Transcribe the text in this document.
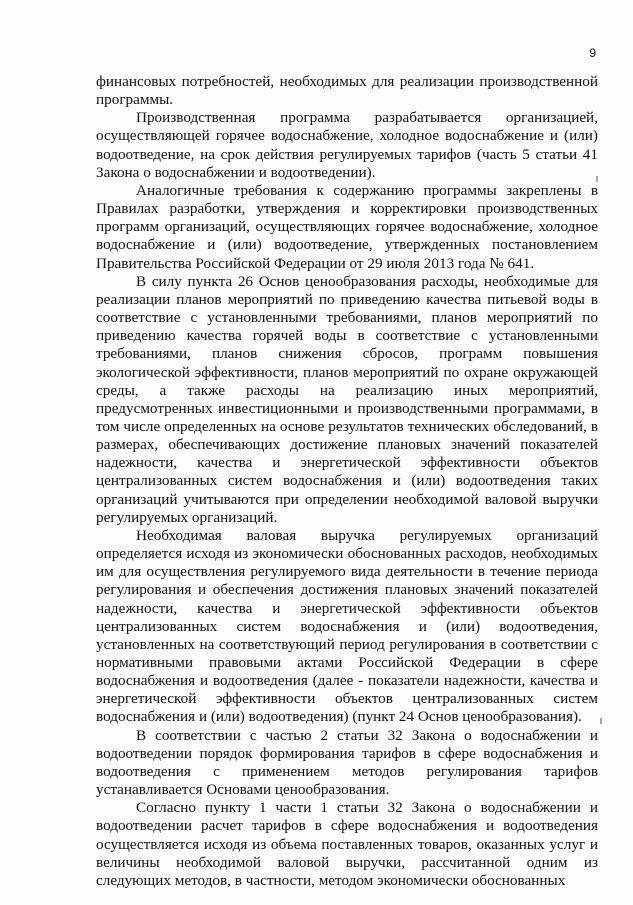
9

финансовых потребностей, необходимых для реализации производственной программы.

Производственная программа разрабатывается организацией, осуществляющей горячее водоснабжение, холодное водоснабжение и (или) водоотведение, на срок действия регулируемых тарифов (часть 5 статьи 41 Закона о водоснабжении и водоотведении).

Аналогичные требования к содержанию программы закреплены в Правилах разработки, утверждения и корректировки производственных программ организаций, осуществляющих горячее водоснабжение, холодное водоснабжение и (или) водоотведение, утвержденных постановлением Правительства Российской Федерации от 29 июля 2013 года № 641.

В силу пункта 26 Основ ценообразования расходы, необходимые для реализации планов мероприятий по приведению качества питьевой воды в соответствие с установленными требованиями, планов мероприятий по приведению качества горячей воды в соответствие с установленными требованиями, планов снижения сбросов, программ повышения экологической эффективности, планов мероприятий по охране окружающей среды, а также расходы на реализацию иных мероприятий, предусмотренных инвестиционными и производственными программами, в том числе определенных на основе результатов технических обследований, в размерах, обеспечивающих достижение плановых значений показателей надежности, качества и энергетической эффективности объектов централизованных систем водоснабжения и (или) водоотведения таких организаций учитываются при определении необходимой валовой выручки регулируемых организаций.

Необходимая валовая выручка регулируемых организаций определяется исходя из экономически обоснованных расходов, необходимых им для осуществления регулируемого вида деятельности в течение периода регулирования и обеспечения достижения плановых значений показателей надежности, качества и энергетической эффективности объектов централизованных систем водоснабжения и (или) водоотведения, установленных на соответствующий период регулирования в соответствии с нормативными правовыми актами Российской Федерации в сфере водоснабжения и водоотведения (далее - показатели надежности, качества и энергетической эффективности объектов централизованных систем водоснабжения и (или) водоотведения) (пункт 24 Основ ценообразования).

В соответствии с частью 2 статьи 32 Закона о водоснабжении и водоотведении порядок формирования тарифов в сфере водоснабжения и водоотведения с применением методов регулирования тарифов устанавливается Основами ценообразования.

Согласно пункту 1 части 1 статьи 32 Закона о водоснабжении и водоотведении расчет тарифов в сфере водоснабжения и водоотведения осуществляется исходя из объема поставленных товаров, оказанных услуг и величины необходимой валовой выручки, рассчитанной одним из следующих методов, в частности, методом экономически обоснованных
